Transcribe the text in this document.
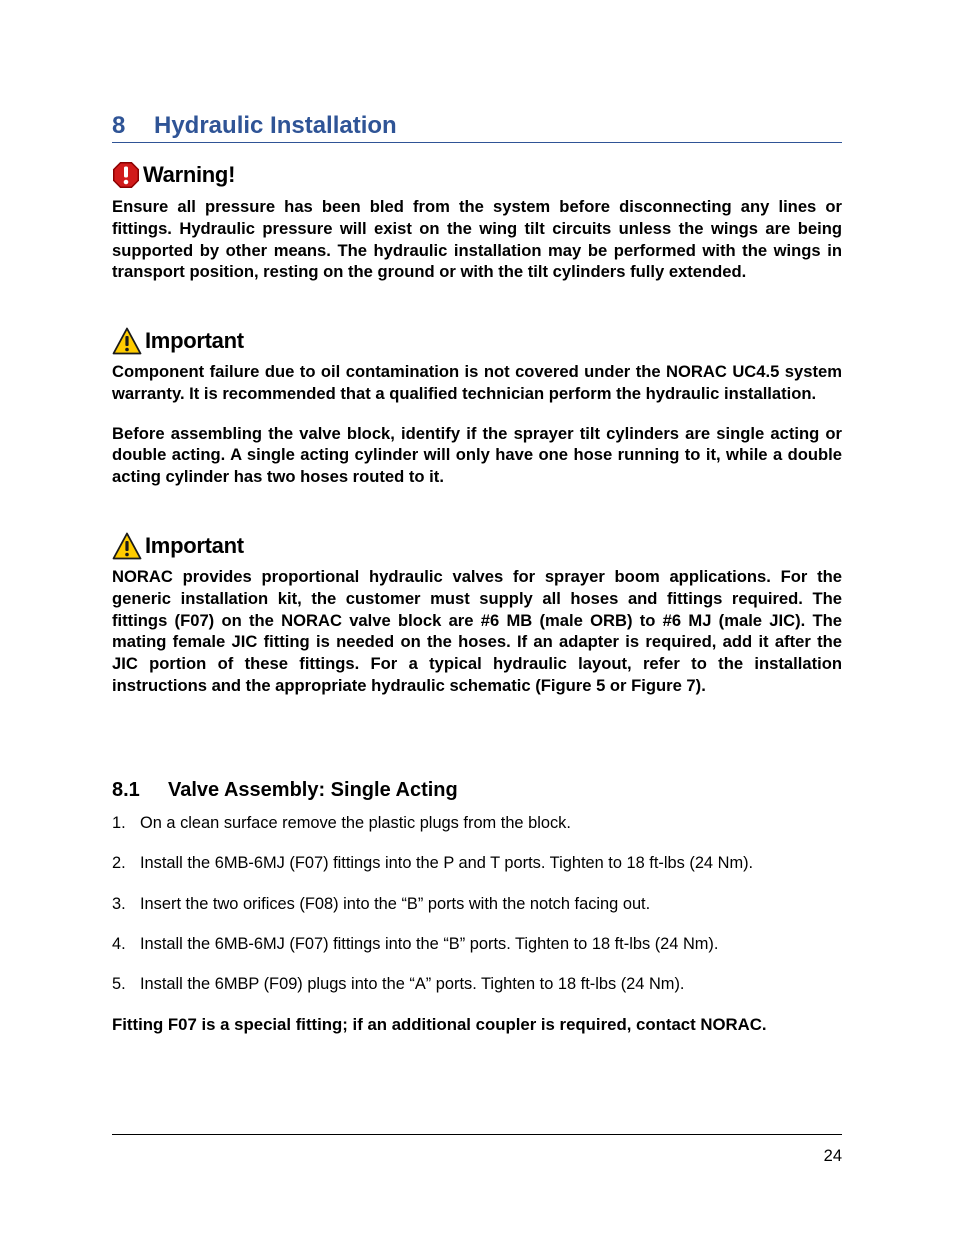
8 Hydraulic Installation
Warning!

Ensure all pressure has been bled from the system before disconnecting any lines or fittings. Hydraulic pressure will exist on the wing tilt circuits unless the wings are being supported by other means. The hydraulic installation may be performed with the wings in transport position, resting on the ground or with the tilt cylinders fully extended.

Important

Component failure due to oil contamination is not covered under the NORAC UC4.5 system warranty. It is recommended that a qualified technician perform the hydraulic installation.

Before assembling the valve block, identify if the sprayer tilt cylinders are single acting or double acting. A single acting cylinder will only have one hose running to it, while a double acting cylinder has two hoses routed to it.

Important

NORAC provides proportional hydraulic valves for sprayer boom applications. For the generic installation kit, the customer must supply all hoses and fittings required. The fittings (F07) on the NORAC valve block are #6 MB (male ORB) to #6 MJ (male JIC). The mating female JIC fitting is needed on the hoses. If an adapter is required, add it after the JIC portion of these fittings. For a typical hydraulic layout, refer to the installation instructions and the appropriate hydraulic schematic (Figure 5 or Figure 7).

8.1 Valve Assembly: Single Acting
1. On a clean surface remove the plastic plugs from the block.
2. Install the 6MB-6MJ (F07) fittings into the P and T ports. Tighten to 18 ft-lbs (24 Nm).
3. Insert the two orifices (F08) into the “B” ports with the notch facing out.
4. Install the 6MB-6MJ (F07) fittings into the “B” ports. Tighten to 18 ft-lbs (24 Nm).
5. Install the 6MBP (F09) plugs into the “A” ports. Tighten to 18 ft-lbs (24 Nm).

Fitting F07 is a special fitting; if an additional coupler is required, contact NORAC.

24
